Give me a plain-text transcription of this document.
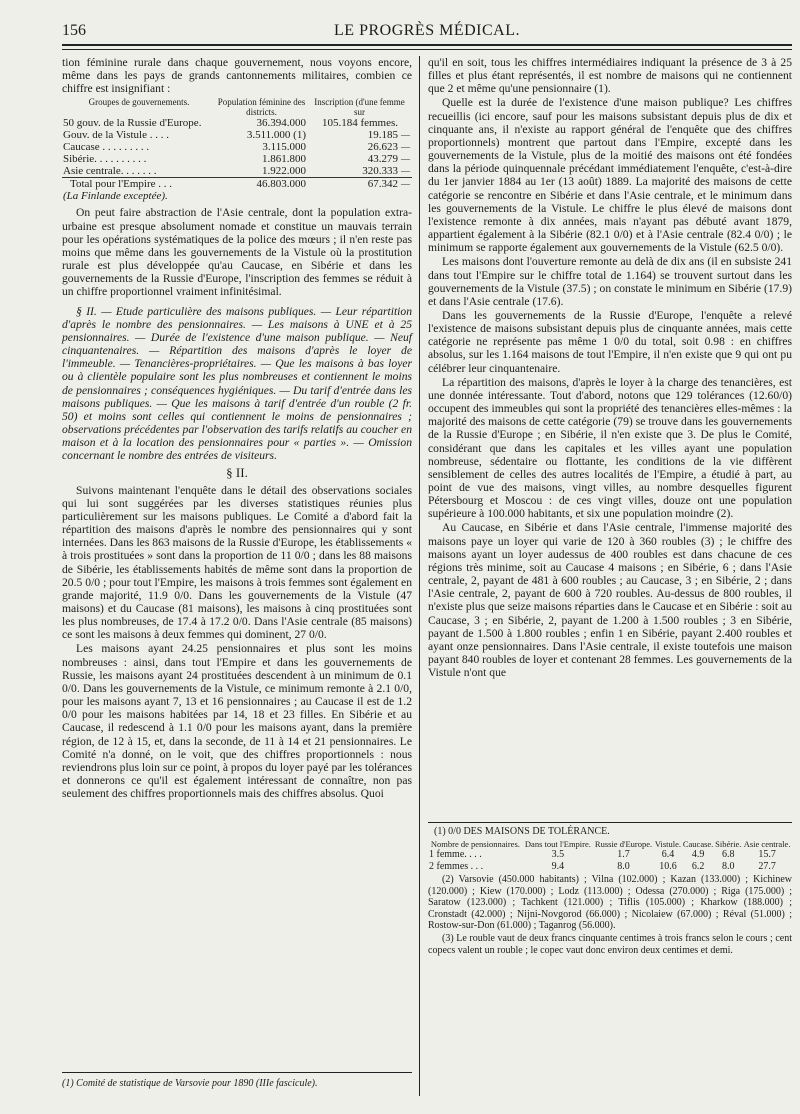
156	LE PROGRÈS MÉDICAL.

tion féminine rurale dans chaque gouvernement, nous voyons encore, même dans les pays de grands cantonnements militaires, combien ce chiffre est insignifiant :

Groupes de gouvernements.	Population féminine des districts.	Inscription (d'une femme sur	
50 gouv. de la Russie d'Europe.	36.394.000	105.184 femmes.	
Gouv. de la Vistule . . . .	3.511.000 (1)	19.185	—
Caucase . . . . . . . . .	3.115.000	26.623	—
Sibérie. . . . . . . . . .	1.861.800	43.279	—
Asie centrale. . . . . . .	1.922.000	320.333	—
Total pour l'Empire . . .	46.803.000	67.342	—
(La Finlande exceptée).			

On peut faire abstraction de l'Asie centrale, dont la population extra-urbaine est presque absolument nomade et constitue un mauvais terrain pour les opérations systématiques de la police des mœurs ; il n'en reste pas moins que même dans les gouvernements de la Vistule où la prostitution rurale est plus développée qu'au Caucase, en Sibérie et dans les gouvernements de la Russie d'Europe, l'inscription des femmes se réduit à un chiffre proportionnel vraiment infinitésimal.

§ II. — Etude particulière des maisons publiques. — Leur répartition d'après le nombre des pensionnaires. — Les maisons à UNE et à 25 pensionnaires. — Durée de l'existence d'une maison publique. — Neuf cinquantenaires. — Répartition des maisons d'après le loyer de l'immeuble. — Tenancières-propriétaires. — Que les maisons à bas loyer ou à clientèle populaire sont les plus nombreuses et contiennent le moins de pensionnaires ; conséquences hygiéniques. — Du tarif d'entrée dans les maisons publiques. — Que les maisons à tarif d'entrée d'un rouble (2 fr. 50) et moins sont celles qui contiennent le moins de pensionnaires ; observations précédentes par l'observation des tarifs relatifs au coucher en maison et à la location des pensionnaires pour « parties ». — Omission concernant le nombre des entrées de visiteurs.

§ II.

Suivons maintenant l'enquête dans le détail des observations sociales qui lui sont suggérées par les diverses statistiques réunies plus particulièrement sur les maisons publiques. Le Comité a d'abord fait la répartition des maisons d'après le nombre des pensionnaires qui y sont internées. Dans les 863 maisons de la Russie d'Europe, les établissements « à trois prostituées » sont dans la proportion de 11 0/0 ; dans les 88 maisons de Sibérie, les établissements habités de même sont dans la proportion de 20.5 0/0 ; pour tout l'Empire, les maisons à trois femmes sont également en grande majorité, 11.9 0/0. Dans les gouvernements de la Vistule (47 maisons) et du Caucase (81 maisons), les maisons à cinq prostituées sont les plus nombreuses, de 17.4 à 17.2 0/0. Dans l'Asie centrale (85 maisons) ce sont les maisons à deux femmes qui dominent, 27 0/0.

Les maisons ayant 24.25 pensionnaires et plus sont les moins nombreuses : ainsi, dans tout l'Empire et dans les gouvernements de Russie, les maisons ayant 24 prostituées descendent à un minimum de 0.1 0/0. Dans les gouvernements de la Vistule, ce minimum remonte à 2.1 0/0, pour les maisons ayant 7, 13 et 16 pensionnaires ; au Caucase il est de 1.2 0/0 pour les maisons habitées par 14, 18 et 23 filles. En Sibérie et au Caucase, il redescend à 1.1 0/0 pour les maisons ayant, dans la première région, de 12 à 15, et, dans la seconde, de 11 à 14 et 21 pensionnaires. Le Comité n'a donné, on le voit, que des chiffres proportionnels : nous reviendrons plus loin sur ce point, à propos du loyer payé par les tolérances et donnerons ce qu'il est également intéressant de connaître, non pas seulement des chiffres proportionnels mais des chiffres absolus. Quoi

(1) Comité de statistique de Varsovie pour 1890 (IIIe fascicule).

qu'il en soit, tous les chiffres intermédiaires indiquant la présence de 3 à 25 filles et plus étant représentés, il est nombre de maisons qui ne contiennent que 2 et même qu'une pensionnaire (1).

Quelle est la durée de l'existence d'une maison publique? Les chiffres recueillis (ici encore, sauf pour les maisons subsistant depuis plus de dix et cinquante ans, il n'existe au rapport général de l'enquête que des chiffres proportionnels) montrent que partout dans l'Empire, excepté dans les gouvernements de la Vistule, plus de la moitié des maisons ont été fondées dans la période quinquennale précédant immédiatement l'enquête, c'est-à-dire du 1er janvier 1884 au 1er (13 août) 1889. La majorité des maisons de cette catégorie se rencontre en Sibérie et dans l'Asie centrale, et le minimum dans les gouvernements de la Vistule. Le chiffre le plus élevé de maisons dont l'existence remonte à dix années, mais n'ayant pas débuté avant 1879, appartient également à la Sibérie (82.1 0/0) et à l'Asie centrale (82.4 0/0) ; le minimum se rapporte également aux gouvernements de la Vistule (62.5 0/0).

Les maisons dont l'ouverture remonte au delà de dix ans (il en subsiste 241 dans tout l'Empire sur le chiffre total de 1.164) se trouvent surtout dans les gouvernements de la Vistule (37.5) ; on constate le minimum en Sibérie (17.9) et dans l'Asie centrale (17.6).

Dans les gouvernements de la Russie d'Europe, l'enquête a relevé l'existence de maisons subsistant depuis plus de cinquante années, mais cette catégorie ne représente pas même 1 0/0 du total, soit 0.98 : en chiffres absolus, sur les 1.164 maisons de tout l'Empire, il n'en existe que 9 qui ont pu célébrer leur cinquantenaire.

La répartition des maisons, d'après le loyer à la charge des tenancières, est une donnée intéressante. Tout d'abord, notons que 129 tolérances (12.60/0) occupent des immeubles qui sont la propriété des tenancières elles-mêmes : la majorité des maisons de cette catégorie (79) se trouve dans les gouvernements de la Russie d'Europe ; en Sibérie, il n'en existe que 3. De plus le Comité, considérant que dans les capitales et les villes ayant une population nombreuse, sédentaire ou flottante, les conditions de la vie diffèrent sensiblement de celles des autres localités de l'Empire, a étudié à part, au point de vue des maisons, vingt villes, au nombre desquelles figurent Pétersbourg et Moscou : de ces vingt villes, douze ont une population supérieure à 100.000 habitants, et six une population moindre (2).

Au Caucase, en Sibérie et dans l'Asie centrale, l'immense majorité des maisons paye un loyer qui varie de 120 à 360 roubles (3) ; le chiffre des maisons ayant un loyer audessus de 400 roubles est dans chacune de ces régions très minime, soit au Caucase 4 maisons ; en Sibérie, 6 ; dans l'Asie centrale, 2, payant de 481 à 600 roubles ; au Caucase, 3 ; en Sibérie, 2 ; dans l'Asie centrale, 2, payant de 600 à 720 roubles. Au-dessus de 800 roubles, il n'existe plus que seize maisons réparties dans le Caucase et en Sibérie : soit au Caucase, 3 ; en Sibérie, 2, payant de 1.200 à 1.500 roubles ; 3 en Sibérie, payant de 1.500 à 1.800 roubles ; enfin 1 en Sibérie, payant 2.400 roubles et ayant onze pensionnaires. Dans l'Asie centrale, il existe toutefois une maison payant 840 roubles de loyer et contenant 28 femmes. Les gouvernements de la Vistule n'ont que

(1) 0/0 DES MAISONS DE TOLÉRANCE.
Nombre de pensionnaires.	Dans tout l'Empire.	Russie d'Europe.	Vistule.	Caucase.	Sibérie.	Asie centrale.
1 femme. . . .	3.5	1.7	6.4	4.9	6.8	15.7
2 femmes . . .	9.4	8.0	10.6	6.2	8.0	27.7

(2) Varsovie (450.000 habitants) ; Vilna (102.000) ; Kazan (133.000) ; Kichinew (120.000) ; Kiew (170.000) ; Lodz (113.000) ; Odessa (270.000) ; Riga (175.000) ; Saratow (123.000) ; Tachkent (121.000) ; Tiflis (105.000) ; Kharkow (188.000) ; Cronstadt (42.000) ; Nijni-Novgorod (66.000) ; Nicolaiew (67.000) ; Réval (51.000) ; Rostow-sur-Don (61.000) ; Taganrog (56.000).

(3) Le rouble vaut de deux francs cinquante centimes à trois francs selon le cours ; cent copecs valent un rouble ; le copec vaut donc environ deux centimes et demi.
